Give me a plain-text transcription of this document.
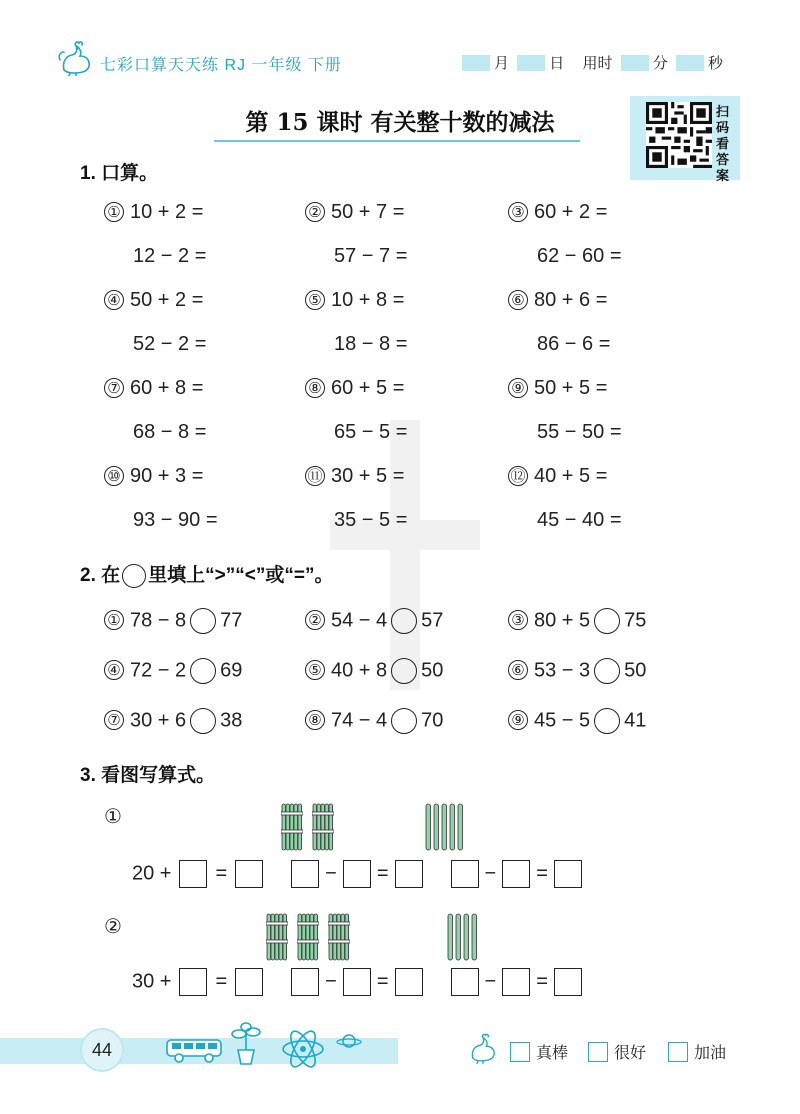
七彩口算天天练 RJ 一年级 下册	月	日 用时	分	秒
第 15 课时 有关整十数的减法	扫码看答案
1. 口算。
① 10 + 2 =
12 − 2 =
② 50 + 7 =
57 − 7 =
③ 60 + 2 =
62 − 60 =
④ 50 + 2 =
52 − 2 =
⑤ 10 + 8 =
18 − 8 =
⑥ 80 + 6 =
86 − 6 =
⑦ 60 + 8 =
68 − 8 =
⑧ 60 + 5 =
65 − 5 =
⑨ 50 + 5 =
55 − 50 =
⑩ 90 + 3 =
93 − 90 =
⑪ 30 + 5 =
35 − 5 =
⑫ 40 + 5 =
45 − 40 =
2. 在 里填上“>”“<”或“=”。
① 78 − 8 77	② 54 − 4 57	③ 80 + 5 75
④ 72 − 2 69	⑤ 40 + 8 50	⑥ 53 − 3 50
⑦ 30 + 6 38	⑧ 74 − 4 70	⑨ 45 − 5 41
3. 看图写算式。
①
20 + =	− =	− =
②
30 + =	− =	− =
44	真棒	很好	加油
